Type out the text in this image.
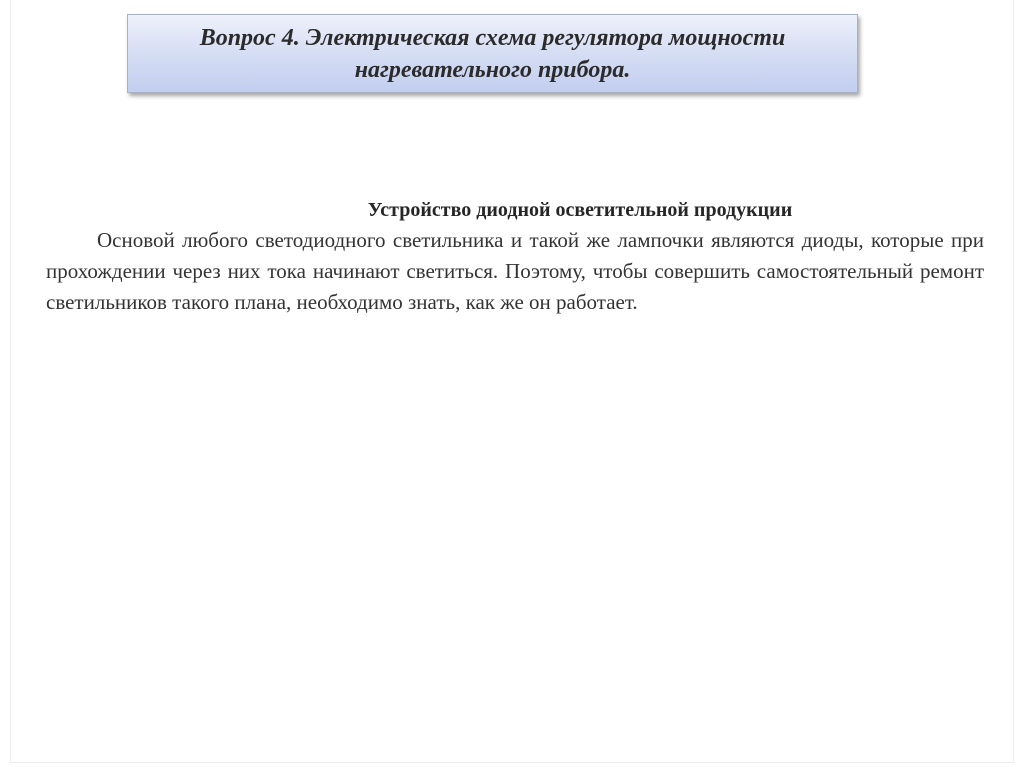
Вопрос 4. Электрическая схема регулятора мощности нагревательного прибора.

Устройство диодной осветительной продукции

Основой любого светодиодного светильника и такой же лампочки являются диоды, которые при прохождении через них тока начинают светиться. Поэтому, чтобы совершить самостоятельный ремонт светильников такого плана, необходимо знать, как же он работает.
